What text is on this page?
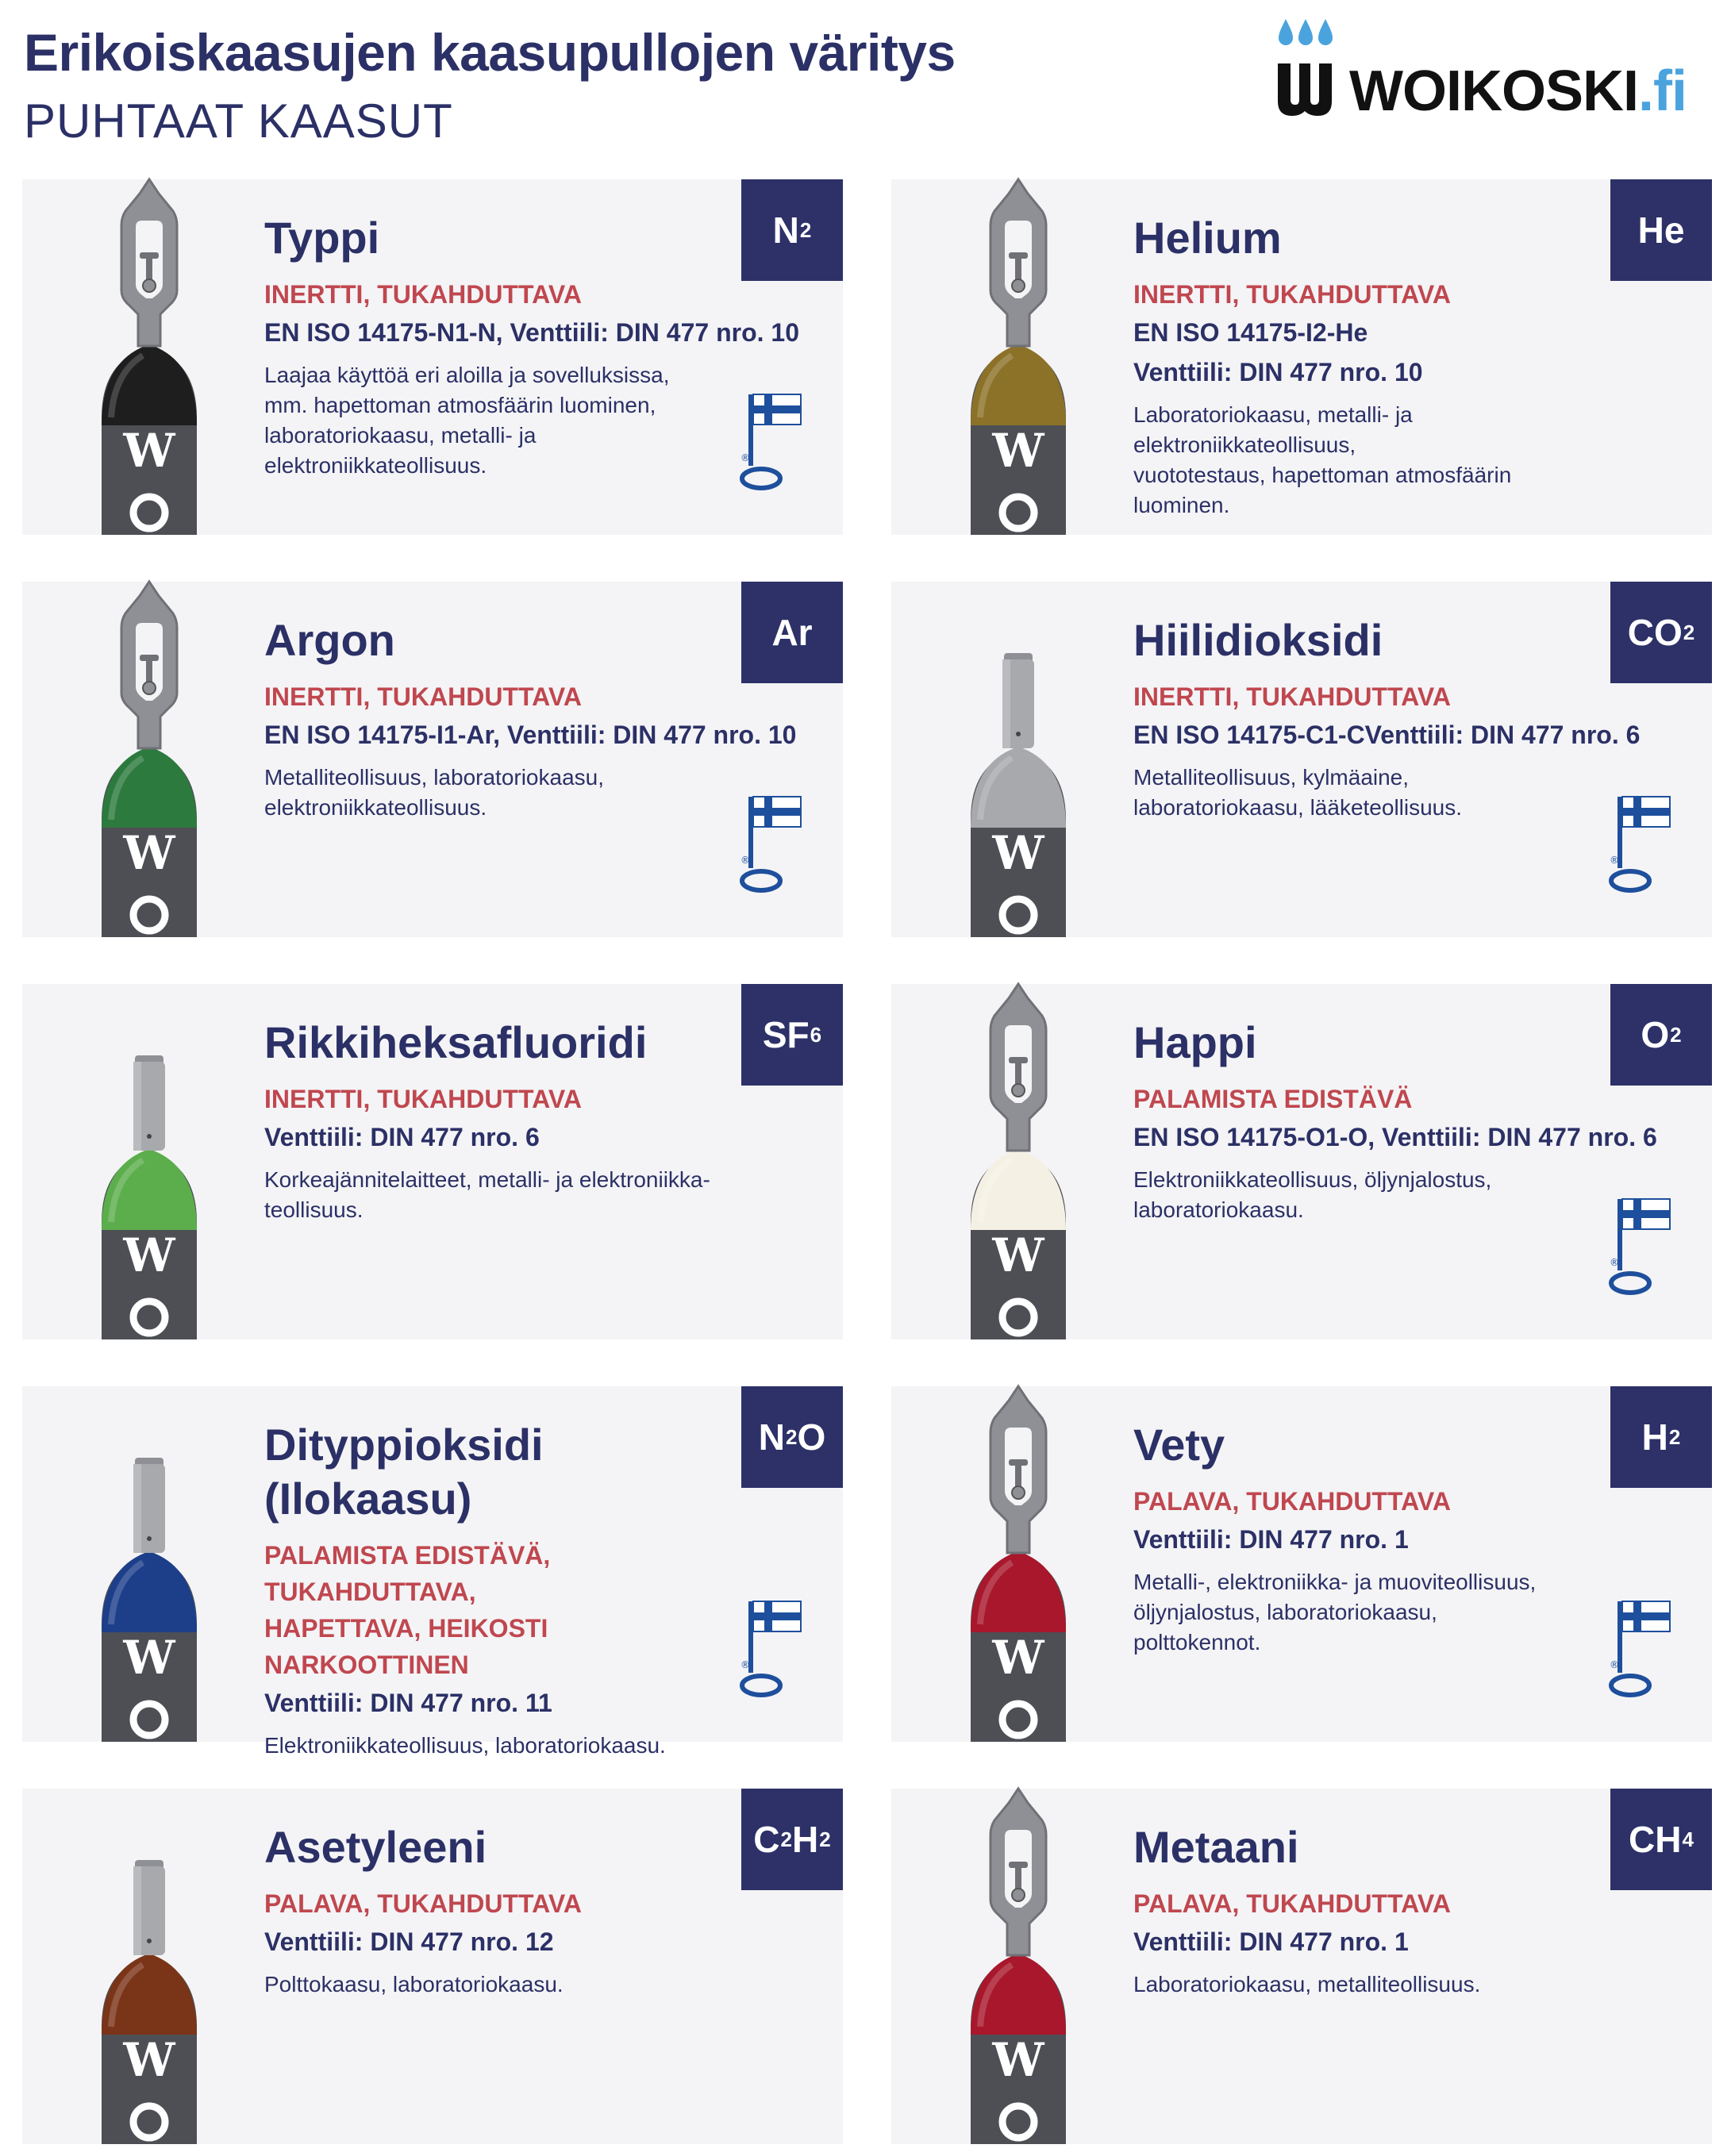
Erikoiskaasujen kaasupullojen väritys
PUHTAAT KAASUT	WOIKOSKI.fi
W
N 2
Typpi
INERTTI, TUKAHDUTTAVA
EN ISO 14175-N1-N, Venttiili: DIN 477 nro. 10
Laajaa käyttöä eri aloilla ja sovelluksissa,
mm. hapettoman atmosfäärin luominen,
laboratoriokaasu, metalli- ja
elektroniikkateollisuus.	®	W
He
Helium
INERTTI, TUKAHDUTTAVA
EN ISO 14175-I2-He
Venttiili: DIN 477 nro. 10
Laboratoriokaasu, metalli- ja elektroniikkateollisuus,
vuototestaus, hapettoman atmosfäärin luominen.
W
Ar
Argon
INERTTI, TUKAHDUTTAVA
EN ISO 14175-I1-Ar, Venttiili: DIN 477 nro. 10
Metalliteollisuus, laboratoriokaasu,
elektroniikkateollisuus.
®	W
CO 2
Hiilidioksidi
INERTTI, TUKAHDUTTAVA
EN ISO 14175-C1-CVenttiili: DIN 477 nro. 6
Metalliteollisuus, kylmäaine,
laboratoriokaasu, lääketeollisuus.
®
W
SF 6
Rikkiheksafluoridi
INERTTI, TUKAHDUTTAVA
Venttiili: DIN 477 nro. 6
Korkeajännitelaitteet, metalli- ja elektroniikka-
teollisuus.
W
O 2
Happi
PALAMISTA EDISTÄVÄ
EN ISO 14175-O1-O, Venttiili: DIN 477 nro. 6
Elektroniikkateollisuus, öljynjalostus,
laboratoriokaasu.
®
W
N 2 O
Dityppioksidi
(Ilokaasu)
PALAMISTA EDISTÄVÄ, TUKAHDUTTAVA,
HAPETTAVA, HEIKOSTI NARKOOTTINEN
Venttiili: DIN 477 nro. 11
Elektroniikkateollisuus, laboratoriokaasu.
®	W
H 2
Vety
PALAVA, TUKAHDUTTAVA
Venttiili: DIN 477 nro. 1
Metalli-, elektroniikka- ja muoviteollisuus,
öljynjalostus, laboratoriokaasu,
polttokennot.
®
W
C 2 H 2
Asetyleeni
PALAVA, TUKAHDUTTAVA
Venttiili: DIN 477 nro. 12
Polttokaasu, laboratoriokaasu.
W
CH 4
Metaani
PALAVA, TUKAHDUTTAVA
Venttiili: DIN 477 nro. 1
Laboratoriokaasu, metalliteollisuus.
